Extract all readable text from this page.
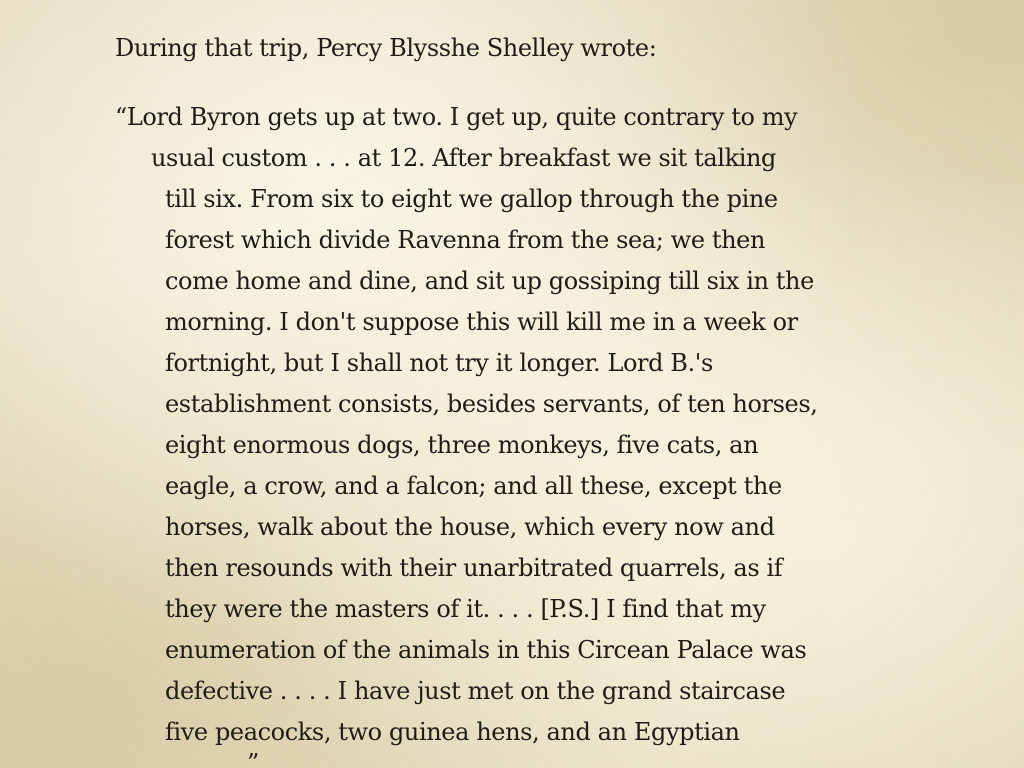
During that trip, Percy Blysshe Shelley wrote:
“Lord Byron gets up at two. I get up, quite contrary to my
usual custom . . . at 12. After breakfast we sit talking
till six. From six to eight we gallop through the pine
forest which divide Ravenna from the sea; we then
come home and dine, and sit up gossiping till six in the
morning. I don't suppose this will kill me in a week or
fortnight, but I shall not try it longer. Lord B.'s
establishment consists, besides servants, of ten horses,
eight enormous dogs, three monkeys, five cats, an
eagle, a crow, and a falcon; and all these, except the
horses, walk about the house, which every now and
then resounds with their unarbitrated quarrels, as if
they were the masters of it. . . . [P.S.] I find that my
enumeration of the animals in this Circean Palace was
defective . . . . I have just met on the grand staircase
five peacocks, two guinea hens, and an Egyptian
”
